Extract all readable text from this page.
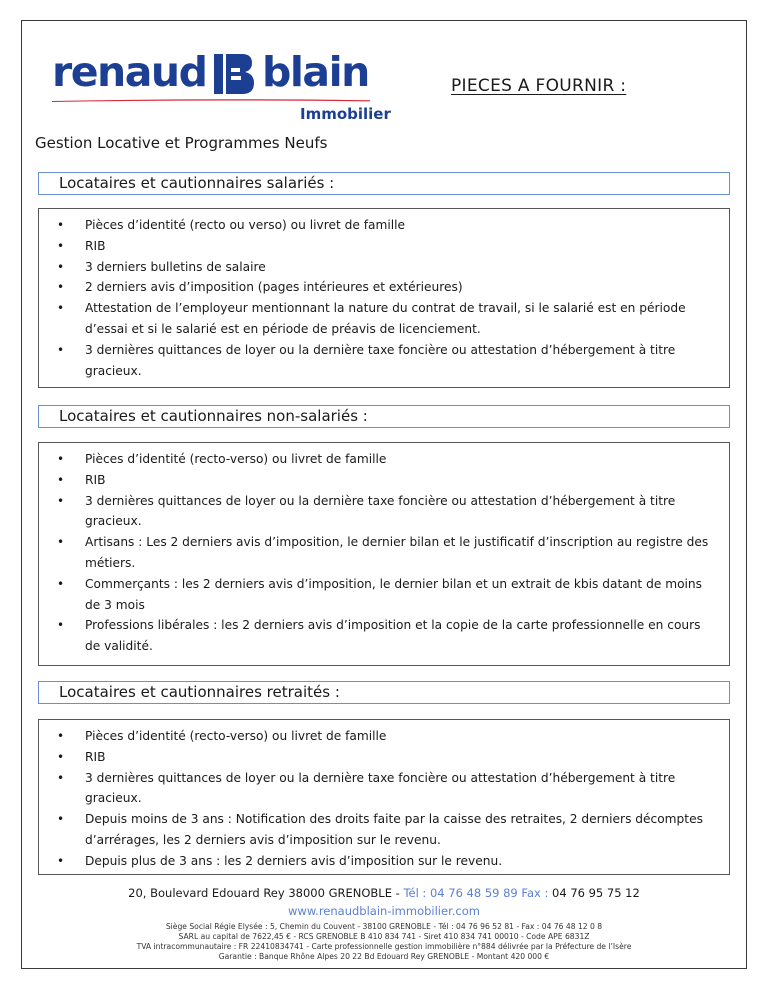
renaud blain
Immobilier
PIECES A FOURNIR :
Gestion Locative et Programmes Neufs
Locataires et cautionnaires salariés :
• Pièces d’identité (recto ou verso) ou livret de famille
• RIB
• 3 derniers bulletins de salaire
• 2 derniers avis d’imposition (pages intérieures et extérieures)
• Attestation de l’employeur mentionnant la nature du contrat de travail, si le salarié est en période d’essai et si le salarié est en période de préavis de licenciement.
• 3 dernières quittances de loyer ou la dernière taxe foncière ou attestation d’hébergement à titre gracieux.
Locataires et cautionnaires non-salariés :
• Pièces d’identité (recto-verso) ou livret de famille
• RIB
• 3 dernières quittances de loyer ou la dernière taxe foncière ou attestation d’hébergement à titre gracieux.
• Artisans : Les 2 derniers avis d’imposition, le dernier bilan et le justificatif d’inscription au registre des métiers.
• Commerçants : les 2 derniers avis d’imposition, le dernier bilan et un extrait de kbis datant de moins de 3 mois
• Professions libérales : les 2 derniers avis d’imposition et la copie de la carte professionnelle en cours de validité.
Locataires et cautionnaires retraités :
• Pièces d’identité (recto-verso) ou livret de famille
• RIB
• 3 dernières quittances de loyer ou la dernière taxe foncière ou attestation d’hébergement à titre gracieux.
• Depuis moins de 3 ans : Notification des droits faite par la caisse des retraites, 2 derniers décomptes d’arrérages, les 2 derniers avis d’imposition sur le revenu.
• Depuis plus de 3 ans : les 2 derniers avis d’imposition sur le revenu.
20, Boulevard Edouard Rey 38000 GRENOBLE - Tél : 04 76 48 59 89 Fax : 04 76 95 75 12
www.renaudblain-immobilier.com
Siège Social Régie Elysée : 5, Chemin du Couvent - 38100 GRENOBLE - Tél : 04 76 96 52 81 - Fax : 04 76 48 12 0 8
SARL au capital de 7622,45 € - RCS GRENOBLE B 410 834 741 - Siret 410 834 741 00010 - Code APE 6831Z
TVA intracommunautaire : FR 22410834741 - Carte professionnelle gestion immobilière n°884 délivrée par la Préfecture de l’Isère
Garantie : Banque Rhône Alpes 20 22 Bd Edouard Rey GRENOBLE - Montant 420 000 €
